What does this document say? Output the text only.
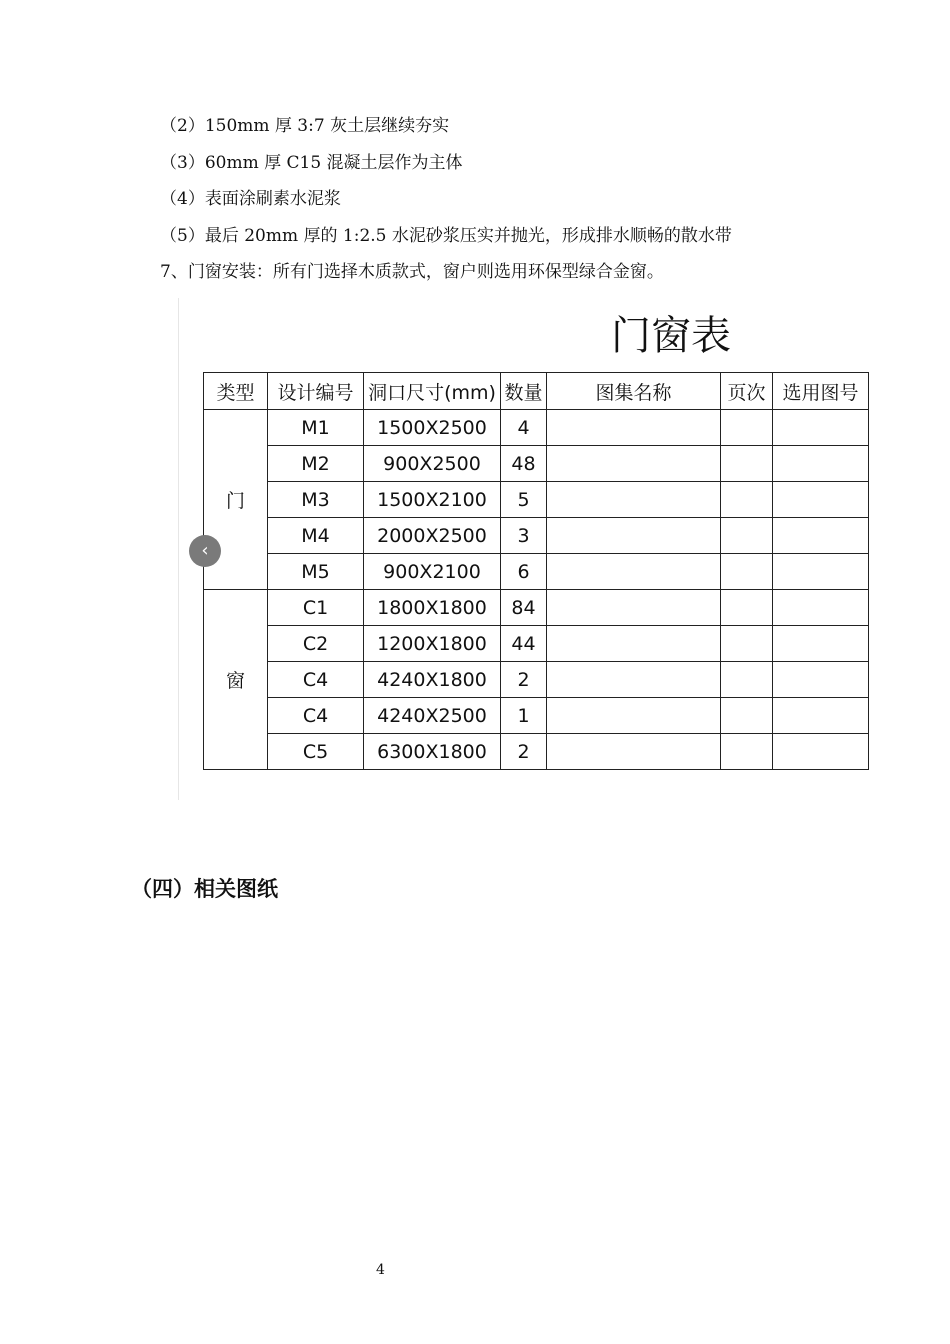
（2）150mm 厚 3:7 灰土层继续夯实
（3）60mm 厚 C15 混凝土层作为主体
（4）表面涂刷素水泥浆
（5）最后 20mm 厚的 1:2.5 水泥砂浆压实并抛光，形成排水顺畅的散水带
7、门窗安装：所有门选择木质款式，窗户则选用环保型绿合金窗。
门窗表
类型	设计编号	洞口尺寸(mm)	数量	图集名称	页次	选用图号
门	M1	1500X2500	4			
	M2	900X2500	48			
	M3	1500X2100	5			
	M4	2000X2500	3			
	M5	900X2100	6			
窗	C1	1800X1800	84			
	C2	1200X1800	44			
	C4	4240X1800	2			
	C4	4240X2500	1			
	C5	6300X1800	2			
‹
（四）相关图纸
4
